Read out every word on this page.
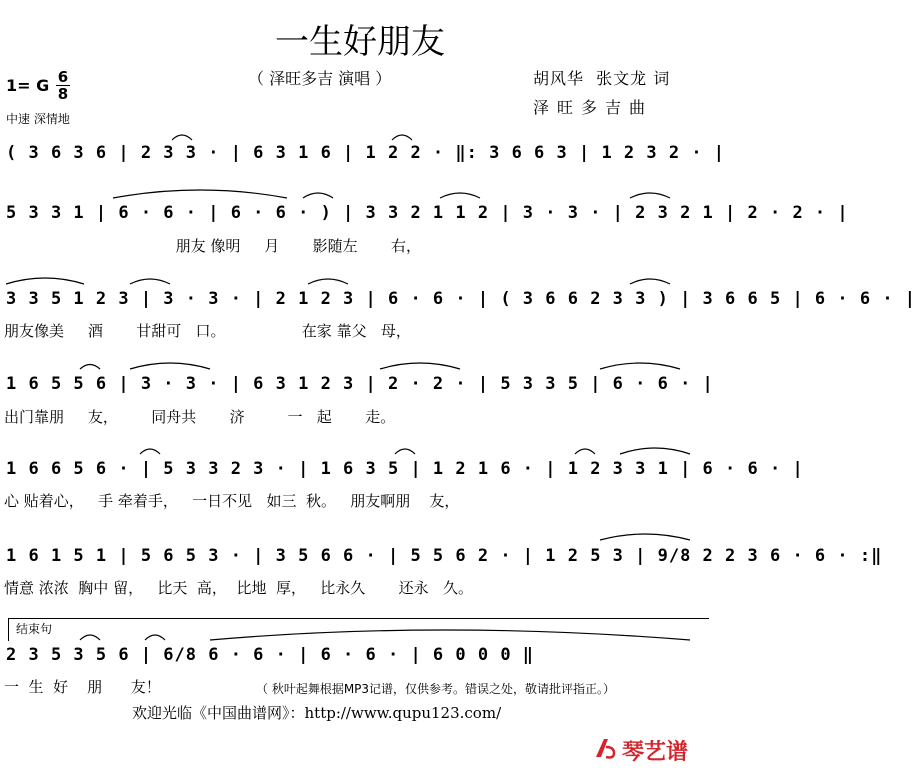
一生好朋友
（ 泽旺多吉 演唱 ）	胡风华  张文龙 词
泽旺多吉曲
1= G 6
8
中速 深情地
( 3 6 3 6 | 2 3 3 · | 6 3 1 6 | 1 2 2 · ‖: 3 6 6 3 | 1 2 3 2 · |
5 3 3 1 | 6 · 6 · | 6 · 6 · ) | 3 3 2 1 1 2 | 3 · 3 · | 2 3 2 1 | 2 · 2 · |
朋友 像明     月       影随左       右，
3 3 5 1 2 3 | 3 · 3 · | 2 1 2 3 | 6 · 6 · | ( 3 6 6 2 3 3 ) | 3 6 6 5 | 6 · 6 · |
朋友像美     酒       甘甜可   口。                在家 靠父   母，
1 6 5 5 6 | 3 · 3 · | 6 3 1 2 3 | 2 · 2 · | 5 3 3 5 | 6 · 6 · |
出门靠朋     友，       同舟共       济         一   起       走。
1 6 6 5 6 · | 5 3 3 2 3 · | 1 6 3 5 | 1 2 1 6 · | 1 2 3 3 1 | 6 · 6 · |
心 贴着心，   手 牵着手，   一日不见   如三  秋。   朋友啊朋    友，
1 6 1 5 1 | 5 6 5 3 · | 3 5 6 6 · | 5 5 6 2 · | 1 2 5 3 | 9/8 2 2 3 6 · 6 · :‖
情意 浓浓  胸中 留，   比天  高，  比地  厚，   比永久       还永   久。
结束句
2 3 5 3 5 6 | 6/8 6 · 6 · | 6 · 6 · | 6 0 0 0 ‖
一  生  好    朋      友！	（ 秋叶起舞根据MP3记谱，仅供参考。错误之处，敬请批评指正。）
欢迎光临《中国曲谱网》：http://www.qupu123.com/
琴艺谱
